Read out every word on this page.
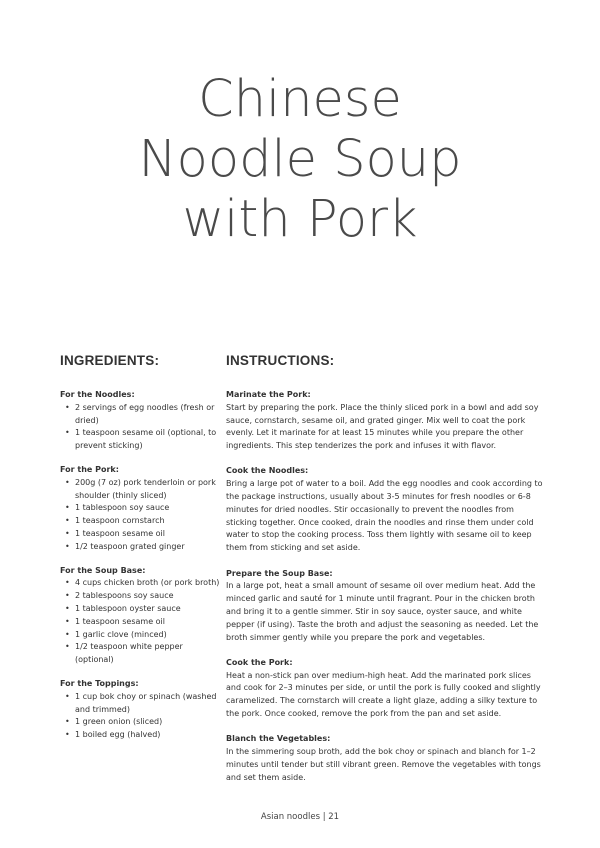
Chinese
Noodle Soup
with Pork
INGREDIENTS:
For the Noodles:
• 2 servings of egg noodles (fresh or dried)
• 1 teaspoon sesame oil (optional, to prevent sticking)
For the Pork:
• 200g (7 oz) pork tenderloin or pork shoulder (thinly sliced)
• 1 tablespoon soy sauce
• 1 teaspoon cornstarch
• 1 teaspoon sesame oil
• 1/2 teaspoon grated ginger
For the Soup Base:
• 4 cups chicken broth (or pork broth)
• 2 tablespoons soy sauce
• 1 tablespoon oyster sauce
• 1 teaspoon sesame oil
• 1 garlic clove (minced)
• 1/2 teaspoon white pepper (optional)
For the Toppings:
• 1 cup bok choy or spinach (washed and trimmed)
• 1 green onion (sliced)
• 1 boiled egg (halved)
INSTRUCTIONS:
Marinate the Pork:

Start by preparing the pork. Place the thinly sliced pork in a bowl and add soy sauce, cornstarch, sesame oil, and grated ginger. Mix well to coat the pork evenly. Let it marinate for at least 15 minutes while you prepare the other ingredients. This step tenderizes the pork and infuses it with flavor.

Cook the Noodles:

Bring a large pot of water to a boil. Add the egg noodles and cook according to the package instructions, usually about 3-5 minutes for fresh noodles or 6-8 minutes for dried noodles. Stir occasionally to prevent the noodles from sticking together. Once cooked, drain the noodles and rinse them under cold water to stop the cooking process. Toss them lightly with sesame oil to keep them from sticking and set aside.

Prepare the Soup Base:

In a large pot, heat a small amount of sesame oil over medium heat. Add the minced garlic and sauté for 1 minute until fragrant. Pour in the chicken broth and bring it to a gentle simmer. Stir in soy sauce, oyster sauce, and white pepper (if using). Taste the broth and adjust the seasoning as needed. Let the broth simmer gently while you prepare the pork and vegetables.

Cook the Pork:

Heat a non-stick pan over medium-high heat. Add the marinated pork slices and cook for 2–3 minutes per side, or until the pork is fully cooked and slightly caramelized. The cornstarch will create a light glaze, adding a silky texture to the pork. Once cooked, remove the pork from the pan and set aside.

Blanch the Vegetables:

In the simmering soup broth, add the bok choy or spinach and blanch for 1–2 minutes until tender but still vibrant green. Remove the vegetables with tongs and set them aside.

Asian noodles | 21
